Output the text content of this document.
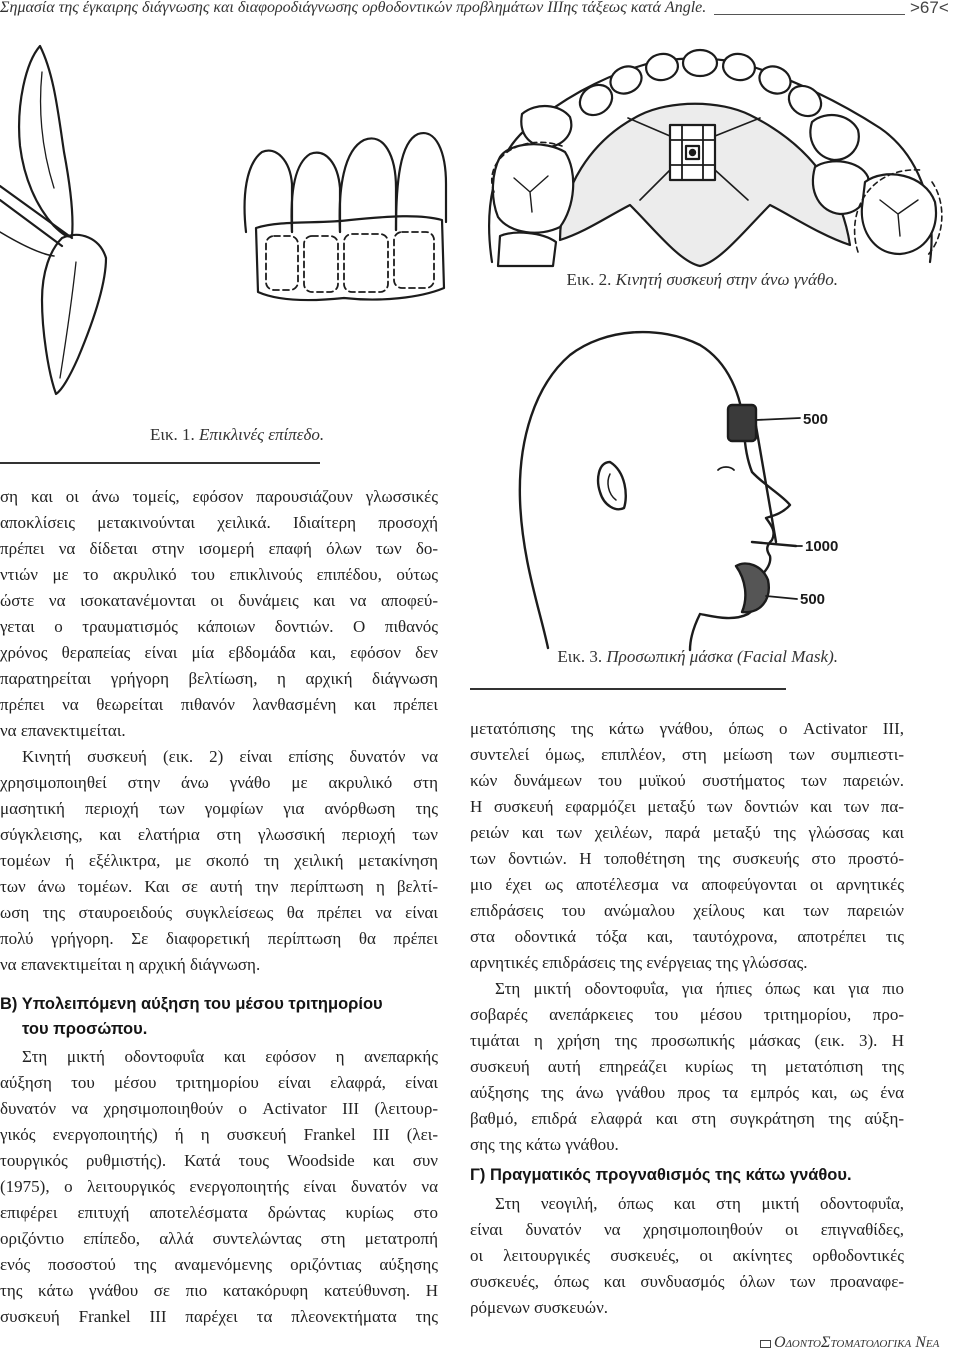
Σημασία της έγκαιρης διάγνωσης και διαφοροδιάγνωσης ορθοδοντικών προβλημάτων ΙΙΙης τάξεως κατά Angle.	>67<
Εικ. 1. Επικλινές επίπεδο.
Εικ. 2. Κινητή συσκευή στην άνω γνάθο.
500
1000
500
Εικ. 3. Προσωπική μάσκα (Facial Mask).
ση και οι άνω τομείς, εφόσον παρουσιάζουν γλωσσικές
αποκλίσεις μετακινούνται χειλικά. Ιδιαίτερη προσοχή
πρέπει να δίδεται στην ισομερή επαφή όλων των δο-
ντιών με το ακρυλικό του επικλινούς επιπέδου, ούτως
ώστε να ισοκατανέμονται οι δυνάμεις και να αποφεύ-
γεται ο τραυματισμός κάποιων δοντιών. Ο πιθανός
χρόνος θεραπείας είναι μία εβδομάδα και, εφόσον δεν
παρατηρείται γρήγορη βελτίωση, η αρχική διάγνωση
πρέπει να θεωρείται πιθανόν λανθασμένη και πρέπει
να επανεκτιμείται.
Κινητή συσκευή (εικ. 2) είναι επίσης δυνατόν να
χρησιμοποιηθεί στην άνω γνάθο με ακρυλικό στη
μασητική περιοχή των γομφίων για ανόρθωση της
σύγκλεισης, και ελατήρια στη γλωσσική περιοχή των
τομέων ή εξέλικτρα, με σκοπό τη χειλική μετακίνηση
των άνω τομέων. Και σε αυτή την περίπτωση η βελτί-
ωση της σταυροειδούς συγκλείσεως θα πρέπει να είναι
πολύ γρήγορη. Σε διαφορετική περίπτωση θα πρέπει
να επανεκτιμείται η αρχική διάγνωση.
Β) Υπολειπόμενη αύξηση του μέσου τριτημορίου
του προσώπου.
Στη μικτή οδοντοφυΐα και εφόσον η ανεπαρκής
αύξηση του μέσου τριτημορίου είναι ελαφρά, είναι
δυνατόν να χρησιμοποιηθούν ο Activator III (λειτουρ-
γικός ενεργοποιητής) ή η συσκευή Frankel III (λει-
τουργικός ρυθμιστής). Κατά τους Woodside και συν
(1975), ο λειτουργικός ενεργοποιητής είναι δυνατόν να
επιφέρει επιτυχή αποτελέσματα δρώντας κυρίως στο
οριζόντιο επίπεδο, αλλά συντελώντας στη μετατροπή
ενός ποσοστού της αναμενόμενης οριζόντιας αύξησης
της κάτω γνάθου σε πιο κατακόρυφη κατεύθυνση. Η
συσκευή Frankel III παρέχει τα πλεονεκτήματα της
μετατόπισης της κάτω γνάθου, όπως ο Activator III,
συντελεί όμως, επιπλέον, στη μείωση των συμπιεστι-
κών δυνάμεων του μυϊκού συστήματος των παρειών.
Η συσκευή εφαρμόζει μεταξύ των δοντιών και των πα-
ρειών και των χειλέων, παρά μεταξύ της γλώσσας και
των δοντιών. Η τοποθέτηση της συσκευής στο προστό-
μιο έχει ως αποτέλεσμα να αποφεύγονται οι αρνητικές
επιδράσεις του ανώμαλου χείλους και των παρειών
στα οδοντικά τόξα και, ταυτόχρονα, αποτρέπει τις
αρνητικές επιδράσεις της ενέργειας της γλώσσας.
Στη μικτή οδοντοφυΐα, για ήπιες όπως και για πιο
σοβαρές ανεπάρκειες του μέσου τριτημορίου, προ-
τιμάται η χρήση της προσωπικής μάσκας (εικ. 3). Η
συσκευή αυτή επηρεάζει κυρίως τη μετατόπιση της
αύξησης της άνω γνάθου προς τα εμπρός και, ως ένα
βαθμό, επιδρά ελαφρά και στη συγκράτηση της αύξη-
σης της κάτω γνάθου.
Γ) Πραγματικός προγναθισμός της κάτω γνάθου.
Στη νεογιλή, όπως και στη μικτή οδοντοφυΐα,
είναι δυνατόν να χρησιμοποιηθούν οι επιγναθίδες,
οι λειτουργικές συσκευές, οι ακίνητες ορθοδοντικές
συσκευές, όπως και συνδυασμός όλων των προαναφε-
ρόμενων συσκευών.
ΟδοντοΣτοματολογικα Νεα
